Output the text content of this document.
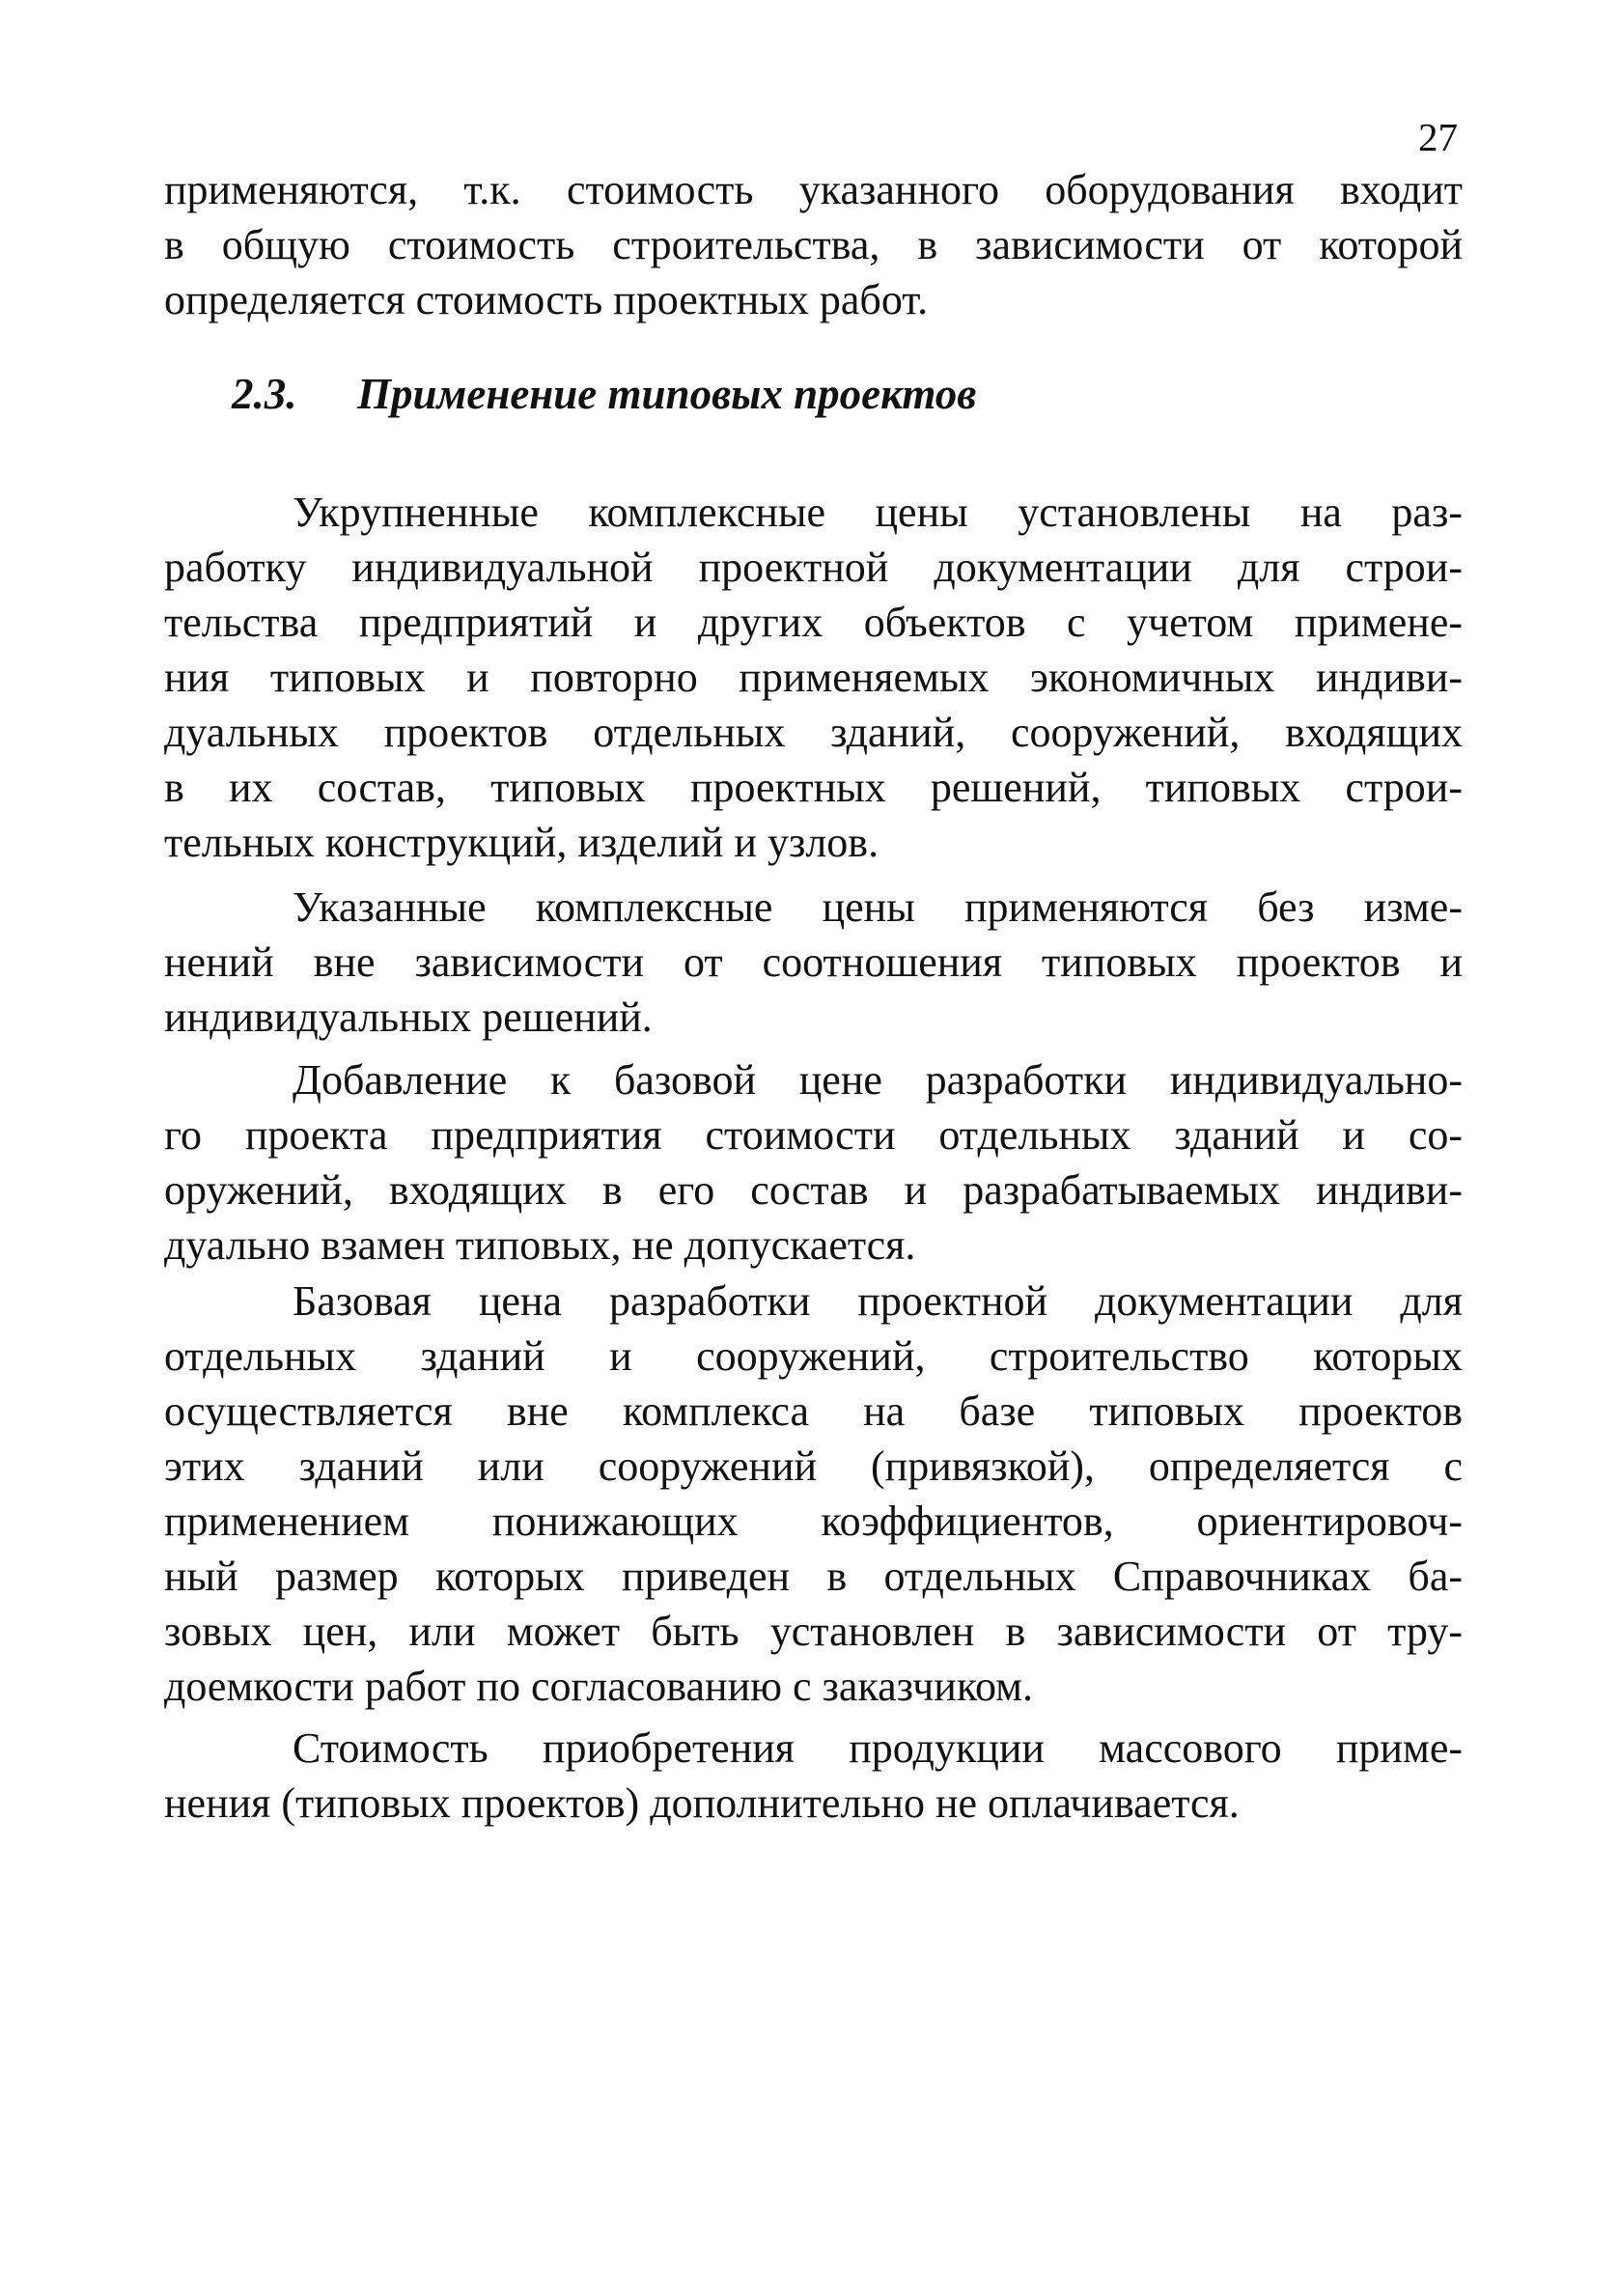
27
применяются, т.к. стоимость указанного оборудования входит
в общую стоимость строительства, в зависимости от которой
определяется стоимость проектных работ.
2.3. Применение типовых проектов
Укрупненные комплексные цены установлены на раз-
работку индивидуальной проектной документации для строи-
тельства предприятий и других объектов с учетом примене-
ния типовых и повторно применяемых экономичных индиви-
дуальных проектов отдельных зданий, сооружений, входящих
в их состав, типовых проектных решений, типовых строи-
тельных конструкций, изделий и узлов.
Указанные комплексные цены применяются без изме-
нений вне зависимости от соотношения типовых проектов и
индивидуальных решений.
Добавление к базовой цене разработки индивидуально-
го проекта предприятия стоимости отдельных зданий и со-
оружений, входящих в его состав и разрабатываемых индиви-
дуально взамен типовых, не допускается.
Базовая цена разработки проектной документации для
отдельных зданий и сооружений, строительство которых
осуществляется вне комплекса на базе типовых проектов
этих зданий или сооружений (привязкой), определяется с
применением понижающих коэффициентов, ориентировоч-
ный размер которых приведен в отдельных Справочниках ба-
зовых цен, или может быть установлен в зависимости от тру-
доемкости работ по согласованию с заказчиком.
Стоимость приобретения продукции массового приме-
нения (типовых проектов) дополнительно не оплачивается.
